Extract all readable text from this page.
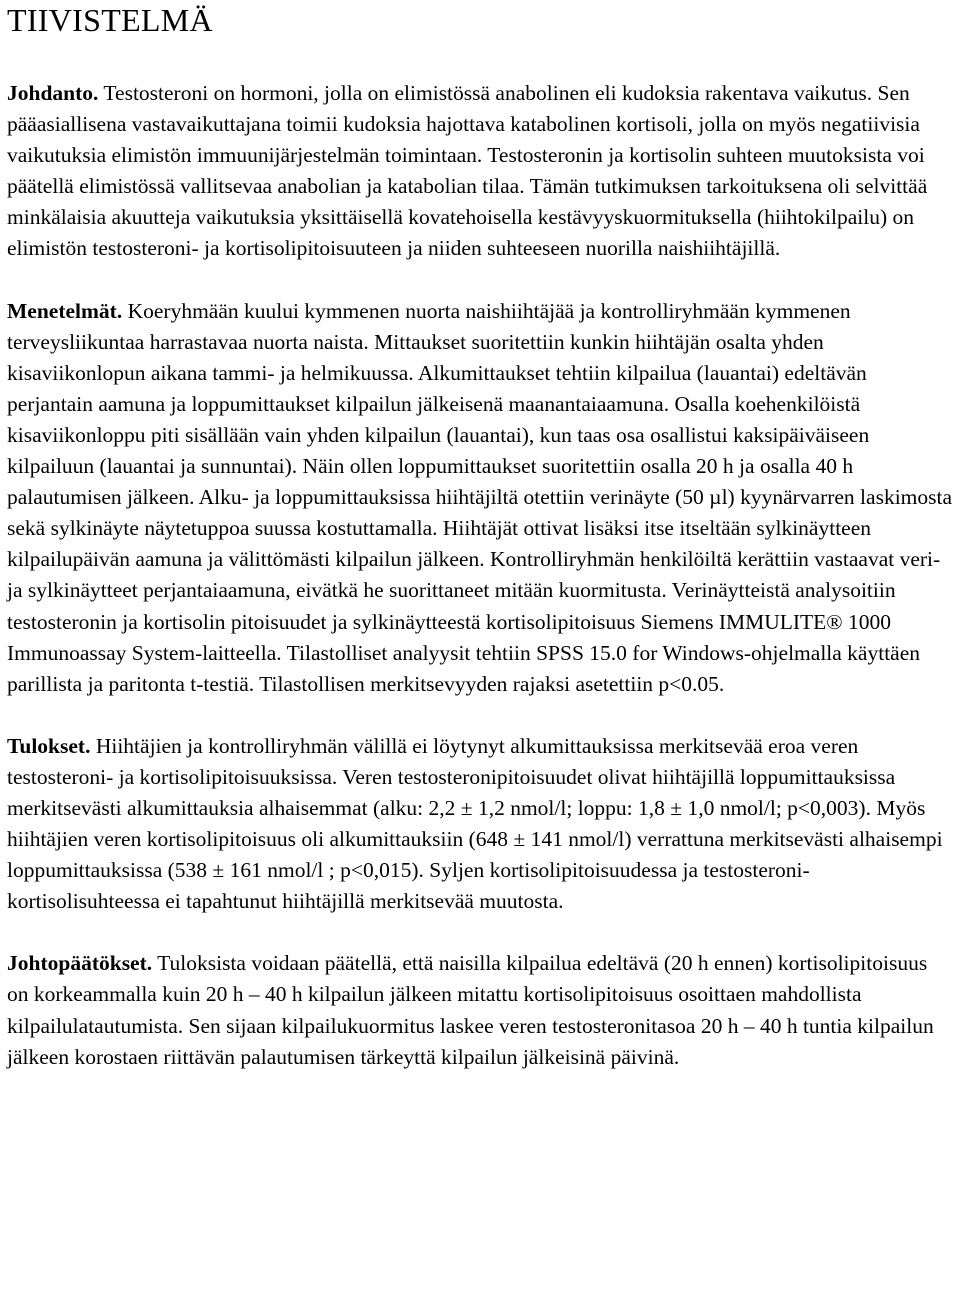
TIIVISTELMÄ

Johdanto. Testosteroni on hormoni, jolla on elimistössä anabolinen eli kudoksia rakentava vaikutus. Sen pääasiallisena vastavaikuttajana toimii kudoksia hajottava katabolinen kortisoli, jolla on myös negatiivisia vaikutuksia elimistön immuunijärjestelmän toimintaan. Testosteronin ja kortisolin suhteen muutoksista voi päätellä elimistössä vallitsevaa anabolian ja katabolian tilaa. Tämän tutkimuksen tarkoituksena oli selvittää minkälaisia akuutteja vaikutuksia yksittäisellä kovatehoisella kestävyyskuormituksella (hiihtokilpailu) on elimistön testosteroni- ja kortisolipitoisuuteen ja niiden suhteeseen nuorilla naishiihtäjillä.

Menetelmät. Koeryhmään kuului kymmenen nuorta naishiihtäjää ja kontrolliryhmään kymmenen terveysliikuntaa harrastavaa nuorta naista. Mittaukset suoritettiin kunkin hiihtäjän osalta yhden kisaviikonlopun aikana tammi- ja helmikuussa. Alkumittaukset tehtiin kilpailua (lauantai) edeltävän perjantain aamuna ja loppumittaukset kilpailun jälkeisenä maanantaiaamuna. Osalla koehenkilöistä kisaviikonloppu piti sisällään vain yhden kilpailun (lauantai), kun taas osa osallistui kaksipäiväiseen kilpailuun (lauantai ja sunnuntai). Näin ollen loppumittaukset suoritettiin osalla 20 h ja osalla 40 h palautumisen jälkeen. Alku- ja loppumittauksissa hiihtäjiltä otettiin verinäyte (50 µl) kyynärvarren laskimosta sekä sylkinäyte näytetuppoa suussa kostuttamalla. Hiihtäjät ottivat lisäksi itse itseltään sylkinäytteen kilpailupäivän aamuna ja välittömästi kilpailun jälkeen. Kontrolliryhmän henkilöiltä kerättiin vastaavat veri- ja sylkinäytteet perjantaiaamuna, eivätkä he suorittaneet mitään kuormitusta. Verinäytteistä analysoitiin testosteronin ja kortisolin pitoisuudet ja sylkinäytteestä kortisolipitoisuus Siemens IMMULITE® 1000 Immunoassay System-laitteella. Tilastolliset analyysit tehtiin SPSS 15.0 for Windows-ohjelmalla käyttäen parillista ja paritonta t-testiä. Tilastollisen merkitsevyyden rajaksi asetettiin p<0.05.

Tulokset. Hiihtäjien ja kontrolliryhmän välillä ei löytynyt alkumittauksissa merkitsevää eroa veren testosteroni- ja kortisolipitoisuuksissa. Veren testosteronipitoisuudet olivat hiihtäjillä loppumittauksissa merkitsevästi alkumittauksia alhaisemmat (alku: 2,2 ± 1,2 nmol/l; loppu: 1,8 ± 1,0 nmol/l; p<0,003). Myös hiihtäjien veren kortisolipitoisuus oli alkumittauksiin (648 ± 141 nmol/l) verrattuna merkitsevästi alhaisempi loppumittauksissa (538 ± 161 nmol/l ; p<0,015). Syljen kortisolipitoisuudessa ja testosteroni-kortisolisuhteessa ei tapahtunut hiihtäjillä merkitsevää muutosta.

Johtopäätökset. Tuloksista voidaan päätellä, että naisilla kilpailua edeltävä (20 h ennen) kortisolipitoisuus on korkeammalla kuin 20 h – 40 h kilpailun jälkeen mitattu kortisolipitoisuus osoittaen mahdollista kilpailulatautumista. Sen sijaan kilpailukuormitus laskee veren testosteronitasoa 20 h – 40 h tuntia kilpailun jälkeen korostaen riittävän palautumisen tärkeyttä kilpailun jälkeisinä päivinä.
